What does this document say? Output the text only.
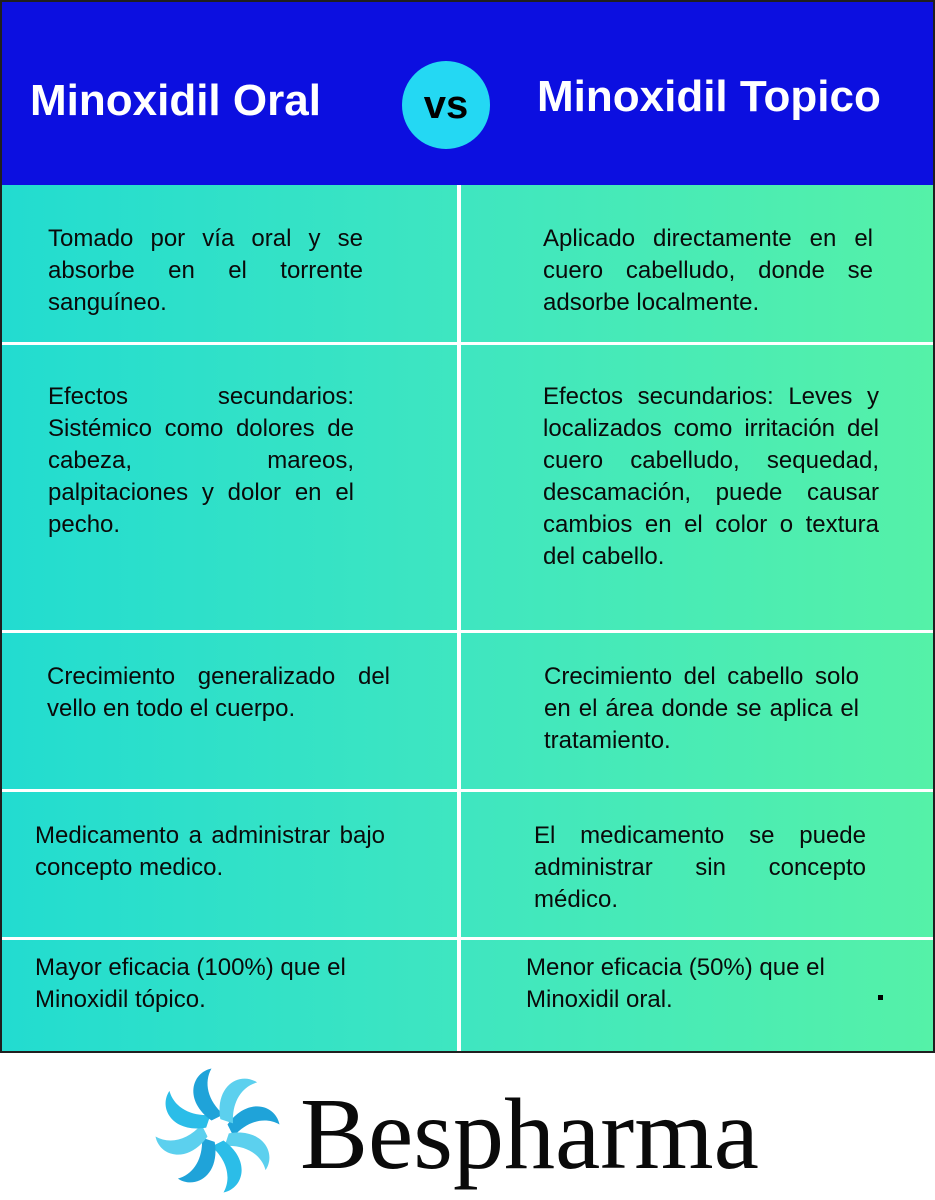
Minoxidil Oral	vs	Minoxidil Topico
Tomado por vía oral y se absorbe en el torrente sanguíneo.
Aplicado directamente en el cuero cabelludo, donde se adsorbe localmente.
Efectos secundarios: Sistémico como dolores de cabeza, mareos, palpitaciones y dolor en el pecho.
Efectos secundarios: Leves y localizados como irritación del cuero cabelludo, sequedad, descamación, puede causar cambios en el color o textura del cabello.
Crecimiento generalizado del vello en todo el cuerpo.
Crecimiento del cabello solo en el área donde se aplica el tratamiento.
Medicamento a administrar bajo concepto medico.
El medicamento se puede administrar sin concepto médico.
Mayor eficacia (100%) que el Minoxidil tópico.
Menor eficacia (50%) que el Minoxidil oral.
Bespharma
